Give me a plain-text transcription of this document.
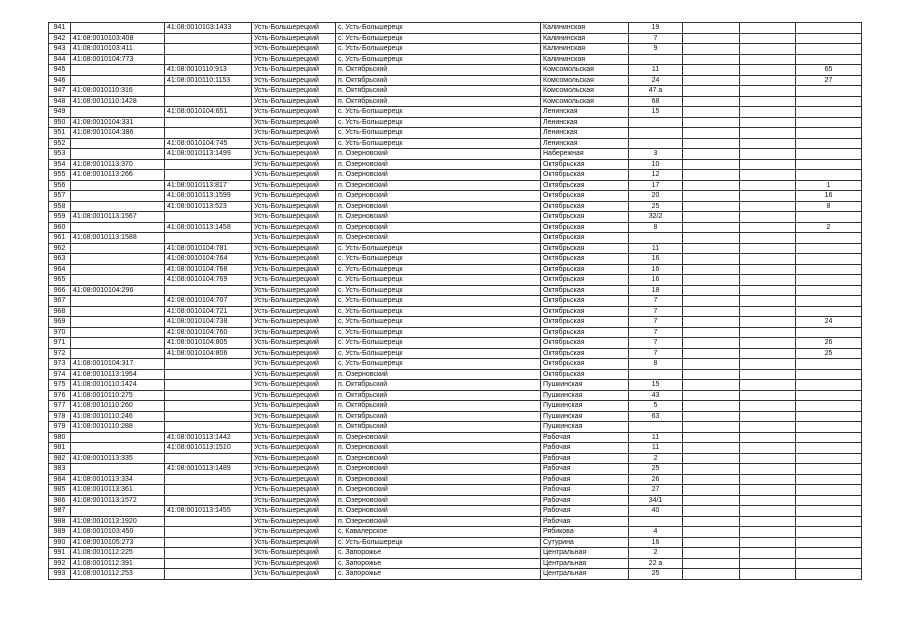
941		41:08:0010103:1433	Усть-Большерецкий	с. Усть-Большерецк	Калининская	19			
942	41:08:0010103:408		Усть-Большерецкий	с. Усть-Большерецк	Калининская	7			
943	41:08:0010103:411		Усть-Большерецкий	с. Усть-Большерецк	Калининская	9			
944	41:08:0010104:773		Усть-Большерецкий	с. Усть-Большерецк	Калининская				
945		41:08:0010110:913	Усть-Большерецкий	п. Октябрьский	Комсомольская	11			65
946		41:08:0010110:1153	Усть-Большерецкий	п. Октябрьский	Комсомольская	24			27
947	41:08:0010110:316		Усть-Большерецкий	п. Октябрьский	Комсомольская	47 а			
948	41:08:0010110:1428		Усть-Большерецкий	п. Октябрьский	Комсомольская	68			
949		41:08:0010104:651	Усть-Большерецкий	с. Усть-Большерецк	Ленинская	15			
950	41:08:0010104:331		Усть-Большерецкий	с. Усть-Большерецк	Ленинская				
951	41:08:0010104:386		Усть-Большерецкий	с. Усть-Большерецк	Ленинская				
952		41:08:0010104:745	Усть-Большерецкий	с. Усть-Большерецк	Ленинская				
953		41:08:0010113:1499	Усть-Большерецкий	п. Озерновский	Набережная	3			
954	41:08:0010113:370		Усть-Большерецкий	п. Озерновский	Октябрьская	10			
955	41:08:0010113:266		Усть-Большерецкий	п. Озерновский	Октябрьская	12			
956		41:08:0010113:817	Усть-Большерецкий	п. Озерновский	Октябрьская	17			1
957		41:08:0010113:1599	Усть-Большерецкий	п. Озерновский	Октябрьская	20			16
958		41:08:0010113:523	Усть-Большерецкий	п. Озерновский	Октябрьская	25			8
959	41:08:0010113:1567		Усть-Большерецкий	п. Озерновский	Октябрьская	32/2			
960		41:08:0010113:1458	Усть-Большерецкий	п. Озерновский	Октябрьская	8			2
961	41:08:0010113:1588		Усть-Большерецкий	п. Озерновский	Октябрьская				
962		41:08:0010104:781	Усть-Большерецкий	с. Усть-Большерецк	Октябрьская	11			
963		41:08:0010104:764	Усть-Большерецкий	с. Усть-Большерецк	Октябрьская	16			
964		41:08:0010104:768	Усть-Большерецкий	с. Усть-Большерецк	Октябрьская	16			
965		41:08:0010104:769	Усть-Большерецкий	с. Усть-Большерецк	Октябрьская	16			
966	41:08:0010104:296		Усть-Большерецкий	с. Усть-Большерецк	Октябрьская	18			
967		41:08:0010104:707	Усть-Большерецкий	с. Усть-Большерецк	Октябрьская	7			
968		41:08:0010104:721	Усть-Большерецкий	с. Усть-Большерецк	Октябрьская	7			
969		41:08:0010104:738	Усть-Большерецкий	с. Усть-Большерецк	Октябрьская	7			24
970		41:08:0010104:760	Усть-Большерецкий	с. Усть-Большерецк	Октябрьская	7			
971		41:08:0010104:805	Усть-Большерецкий	с. Усть-Большерецк	Октябрьская	7			26
972		41:08:0010104:806	Усть-Большерецкий	с. Усть-Большерецк	Октябрьская	7			25
973	41:08:0010104:317		Усть-Большерецкий	с. Усть-Большерецк	Октябрьская	8			
974	41:08:0010113:1954		Усть-Большерецкий	п. Озерновский	Октябрьская				
975	41:08:0010110:1424		Усть-Большерецкий	п. Октябрьский	Пушкинская	15			
976	41:08:0010110:275		Усть-Большерецкий	п. Октябрьский	Пушкинская	43			
977	41:08:0010110:260		Усть-Большерецкий	п. Октябрьский	Пушкинская	5			
978	41:08:0010110:246		Усть-Большерецкий	п. Октябрьский	Пушкинская	63			
979	41:08:0010110:288		Усть-Большерецкий	п. Октябрьский	Пушкинская				
980		41:08:0010113:1442	Усть-Большерецкий	п. Озерновский	Рабочая	11			
981		41:08:0010113:1510	Усть-Большерецкий	п. Озерновский	Рабочая	11			
982	41:08:0010113:335		Усть-Большерецкий	п. Озерновский	Рабочая	2			
983		41:08:0010113:1489	Усть-Большерецкий	п. Озерновский	Рабочая	25			
984	41:08:0010113:334		Усть-Большерецкий	п. Озерновский	Рабочая	26			
985	41:08:0010113:361		Усть-Большерецкий	п. Озерновский	Рабочая	27			
986	41:08:0010113:1572		Усть-Большерецкий	п. Озерновский	Рабочая	34/1			
987		41:08:0010113:1455	Усть-Большерецкий	п. Озерновский	Рабочая	40			
988	41:08:0010113:1920		Усть-Большерецкий	п. Озерновский	Рабочая				
989	41:08:0010103:450		Усть-Большерецкий	с. Кавалерское	Рябикова	4			
990	41:08:0010105:273		Усть-Большерецкий	с. Усть-Большерецк	Сутурина	16			
991	41:08:0010112:225		Усть-Большерецкий	с. Запорожье	Центральная	2			
992	41:08:0010112:391		Усть-Большерецкий	с. Запорожье	Центральная	22 а			
993	41:08:0010112:253		Усть-Большерецкий	с. Запорожье	Центральная	25			
